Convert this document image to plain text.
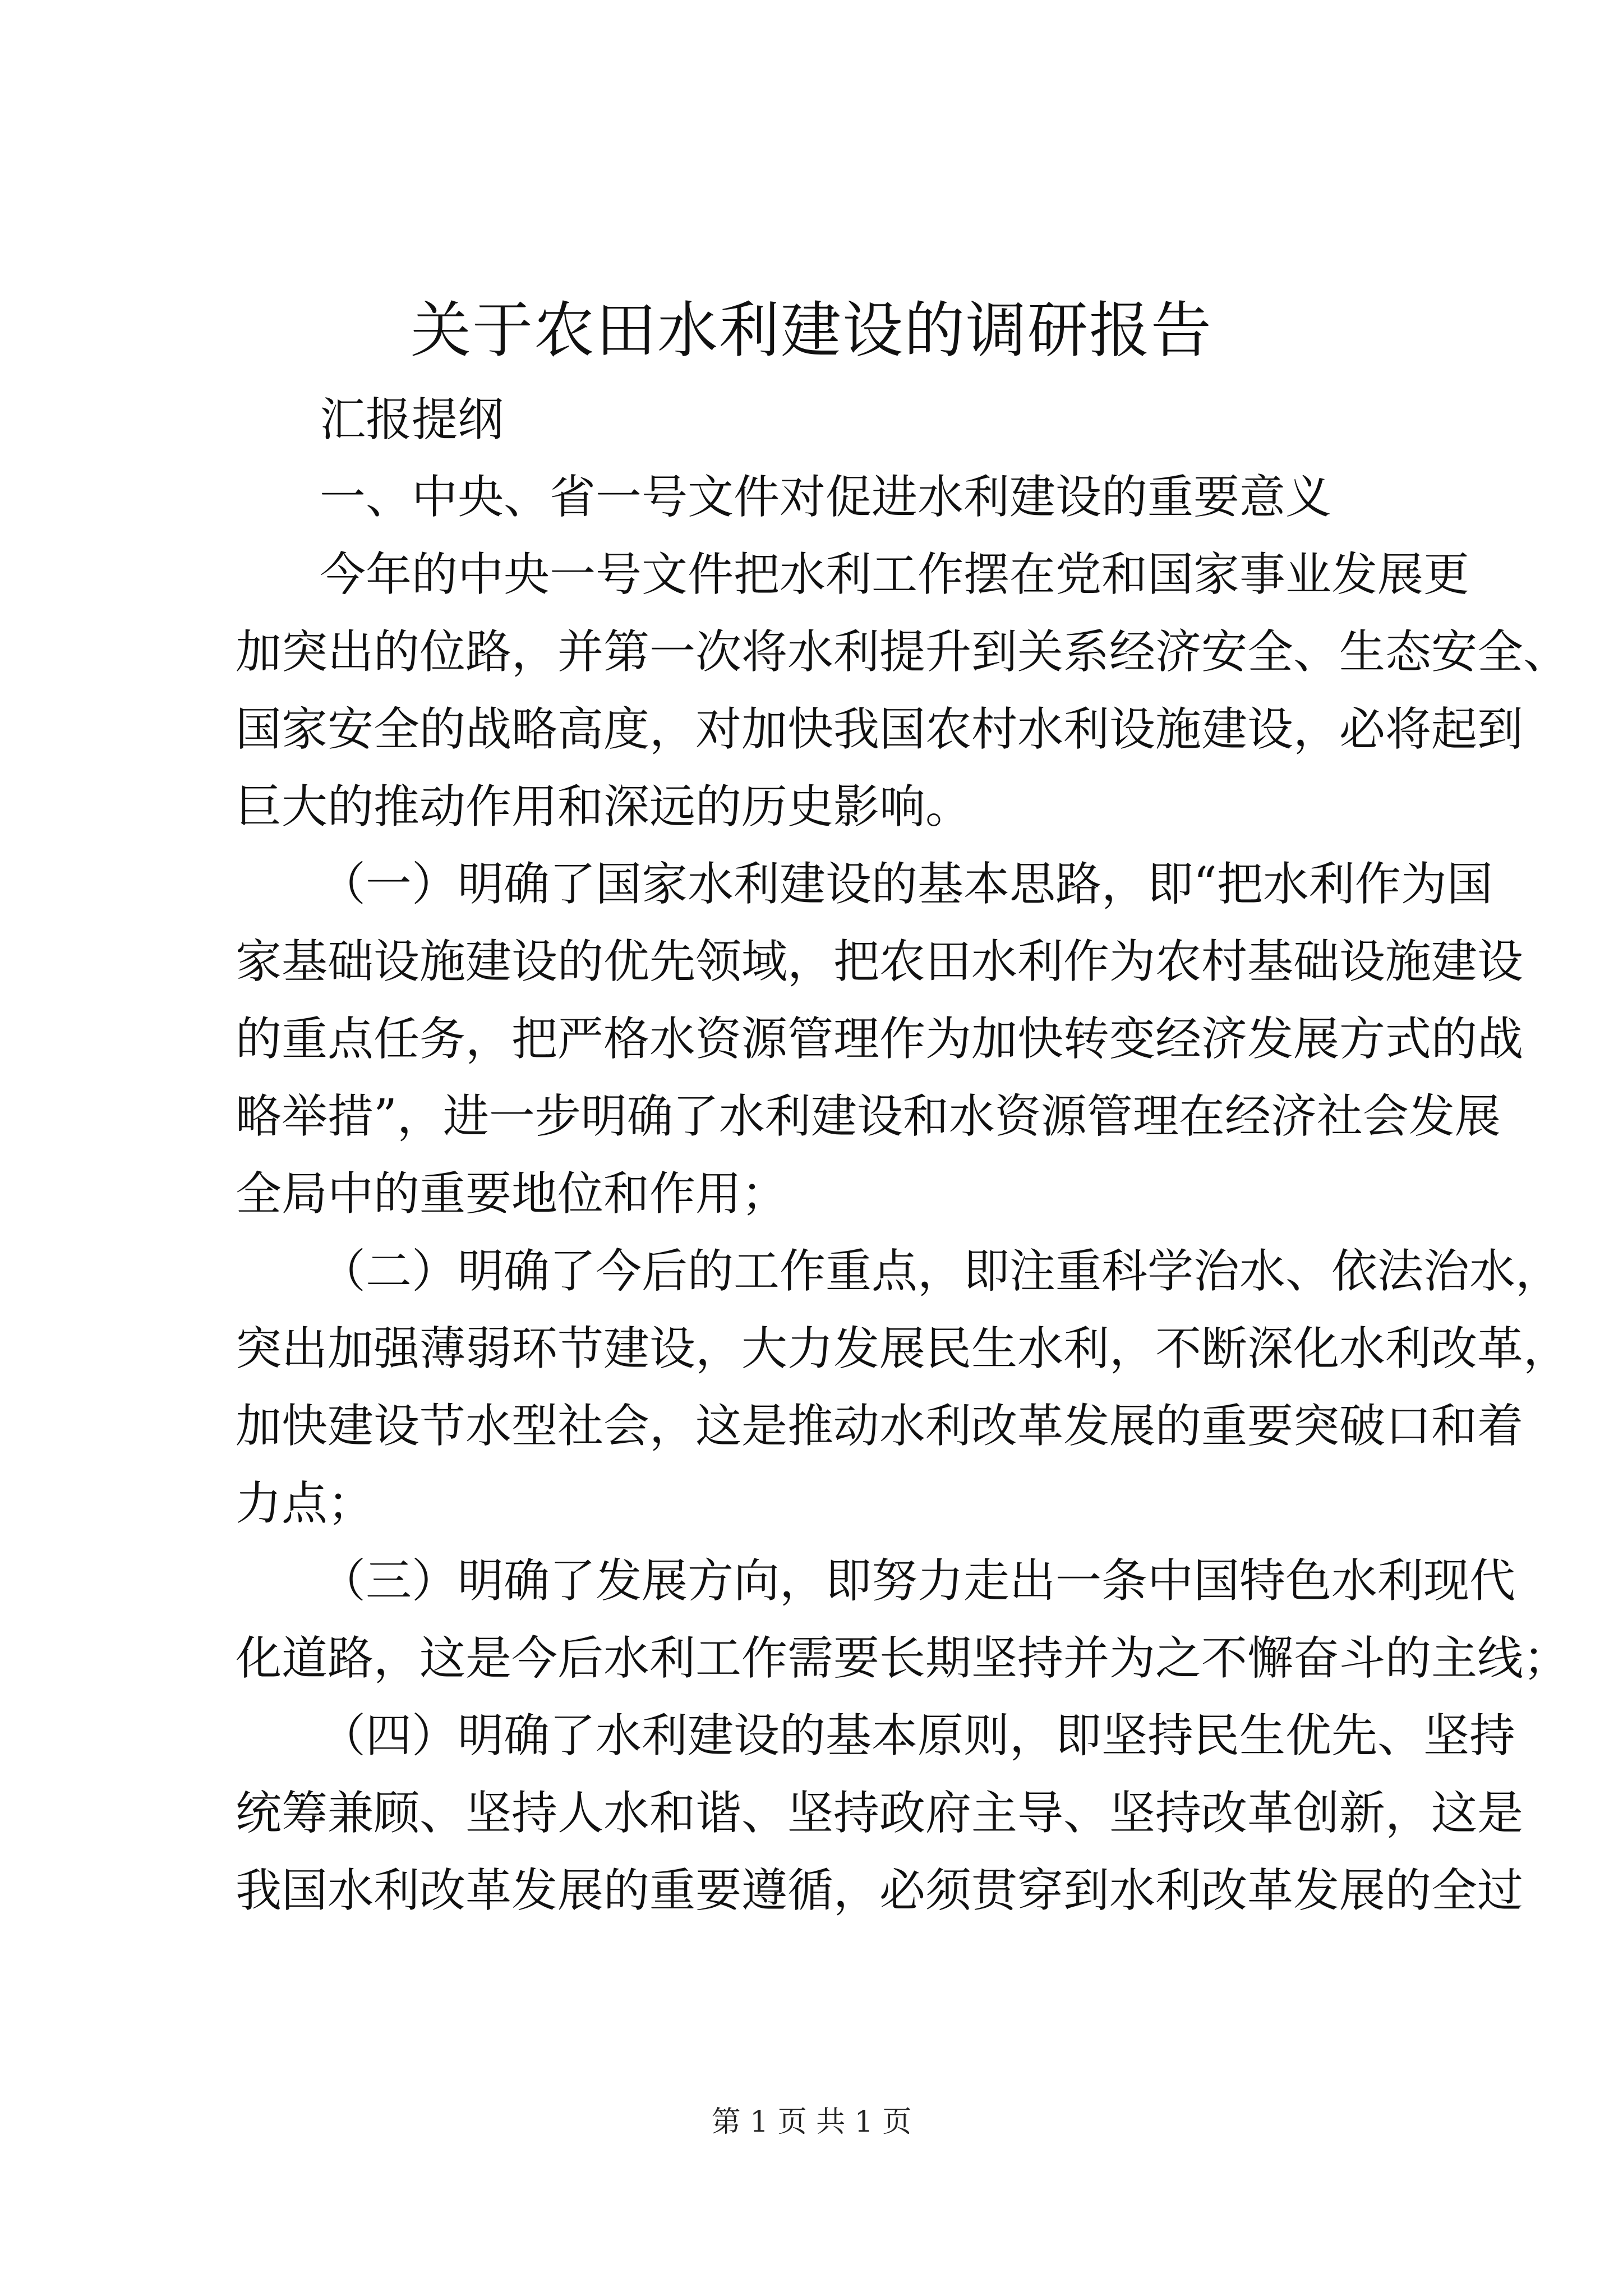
关于农田水利建设的调研报告
汇报提纲
一、中央、省一号文件对促进水利建设的重要意义
今年的中央一号文件把水利工作摆在党和国家事业发展更
加突出的位路，并第一次将水利提升到关系经济安全、生态安全、
国家安全的战略高度，对加快我国农村水利设施建设，必将起到
巨大的推动作用和深远的历史影响。
（一）明确了国家水利建设的基本思路，即“把水利作为国
家基础设施建设的优先领域，把农田水利作为农村基础设施建设
的重点任务，把严格水资源管理作为加快转变经济发展方式的战
略举措”，进一步明确了水利建设和水资源管理在经济社会发展
全局中的重要地位和作用；
（二）明确了今后的工作重点，即注重科学治水、依法治水，
突出加强薄弱环节建设，大力发展民生水利，不断深化水利改革，
加快建设节水型社会，这是推动水利改革发展的重要突破口和着
力点；
（三）明确了发展方向，即努力走出一条中国特色水利现代
化道路，这是今后水利工作需要长期坚持并为之不懈奋斗的主线；
（四）明确了水利建设的基本原则，即坚持民生优先、坚持
统筹兼顾、坚持人水和谐、坚持政府主导、坚持改革创新，这是
我国水利改革发展的重要遵循，必须贯穿到水利改革发展的全过
第 1 页 共 1 页
